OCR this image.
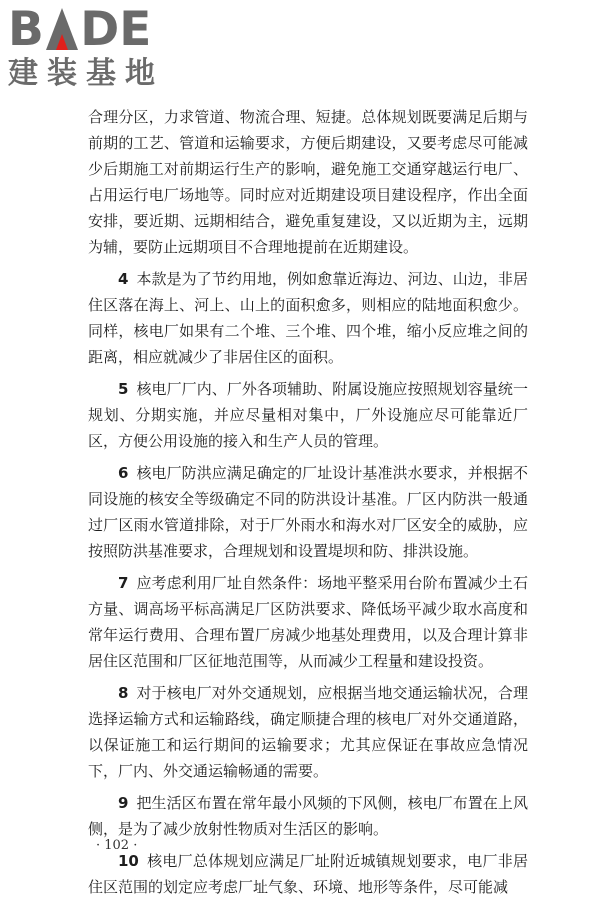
B DE
建装基地

合理分区，力求管道、物流合理、短捷。总体规划既要满足后期与前期的工艺、管道和运输要求，方便后期建设，又要考虑尽可能减少后期施工对前期运行生产的影响，避免施工交通穿越运行电厂、占用运行电厂场地等。同时应对近期建设项目建设程序，作出全面安排，要近期、远期相结合，避免重复建设，又以近期为主，远期为辅，要防止远期项目不合理地提前在近期建设。

4 本款是为了节约用地，例如愈靠近海边、河边、山边，非居住区落在海上、河上、山上的面积愈多，则相应的陆地面积愈少。同样，核电厂如果有二个堆、三个堆、四个堆，缩小反应堆之间的距离，相应就减少了非居住区的面积。

5 核电厂厂内、厂外各项辅助、附属设施应按照规划容量统一规划、分期实施，并应尽量相对集中，厂外设施应尽可能靠近厂区，方便公用设施的接入和生产人员的管理。

6 核电厂防洪应满足确定的厂址设计基准洪水要求，并根据不同设施的核安全等级确定不同的防洪设计基准。厂区内防洪一般通过厂区雨水管道排除，对于厂外雨水和海水对厂区安全的威胁，应按照防洪基准要求，合理规划和设置堤坝和防、排洪设施。

7 应考虑利用厂址自然条件：场地平整采用台阶布置减少土石方量、调高场平标高满足厂区防洪要求、降低场平减少取水高度和常年运行费用、合理布置厂房减少地基处理费用，以及合理计算非居住区范围和厂区征地范围等，从而减少工程量和建设投资。

8 对于核电厂对外交通规划，应根据当地交通运输状况，合理选择运输方式和运输路线，确定顺捷合理的核电厂对外交通道路，以保证施工和运行期间的运输要求；尤其应保证在事故应急情况下，厂内、外交通运输畅通的需要。

9 把生活区布置在常年最小风频的下风侧，核电厂布置在上风侧，是为了减少放射性物质对生活区的影响。

10 核电厂总体规划应满足厂址附近城镇规划要求，电厂非居住区范围的划定应考虑厂址气象、环境、地形等条件，尽可能减

· 102 ·
